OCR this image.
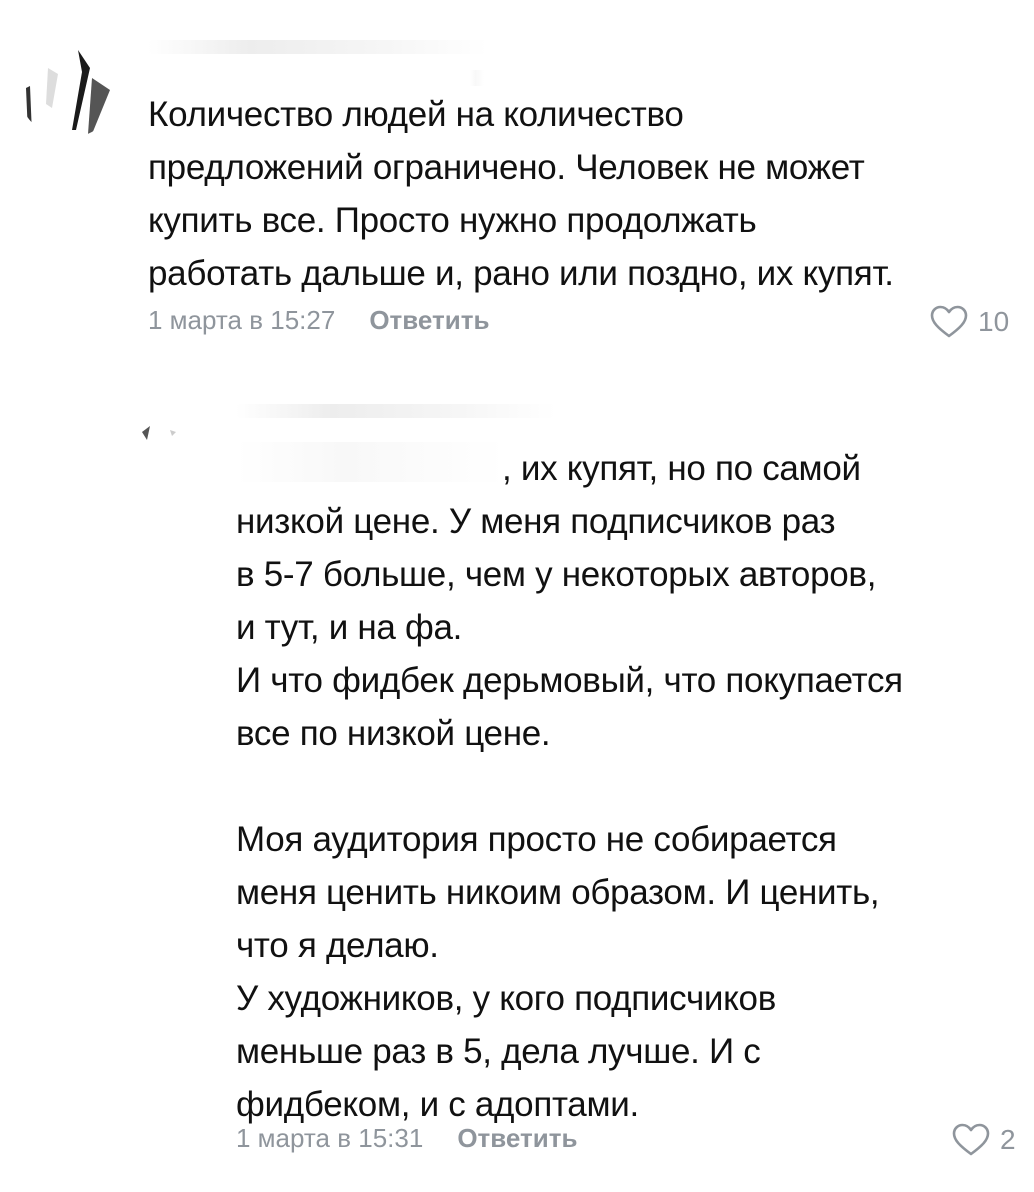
Количество людей на количество
предложений ограничено. Человек не может
купить все. Просто нужно продолжать
работать дальше и, рано или поздно, их купят.
1 марта в 15:27 Ответить	10
, их купят, но по самой
низкой цене. У меня подписчиков раз
в 5-7 больше, чем у некоторых авторов,
и тут, и на фа.
И что фидбек дерьмовый, что покупается
все по низкой цене.

Моя аудитория просто не собирается
меня ценить никоим образом. И ценить,
что я делаю.
У художников, у кого подписчиков
меньше раз в 5, дела лучше. И с
фидбеком, и с адоптами.
1 марта в 15:31 Ответить	2
